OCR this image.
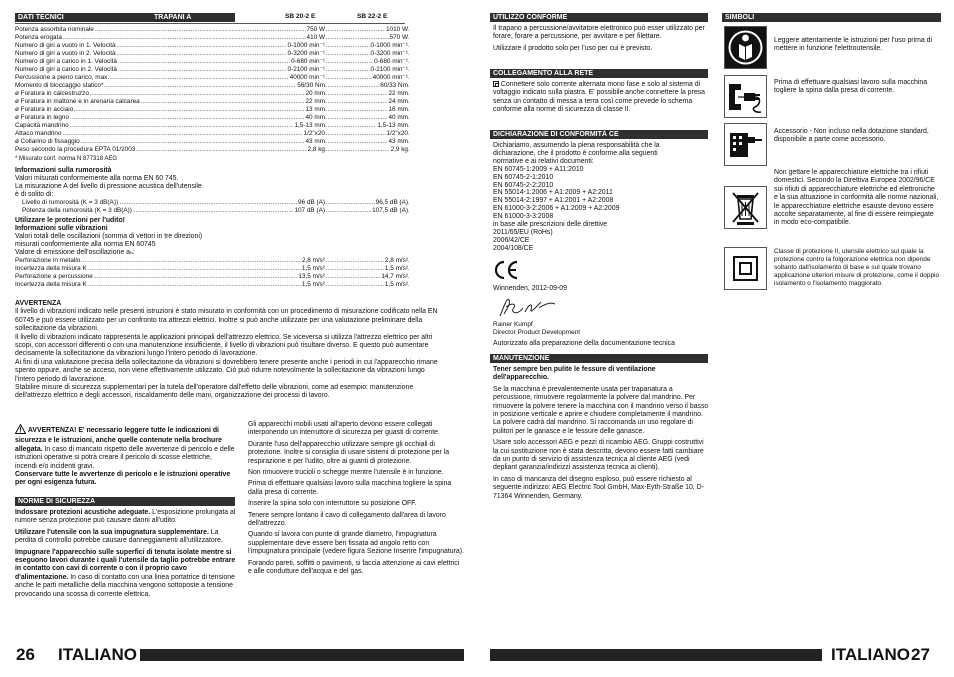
DATI TECNICI	TRAPANI A PERCUSSIONE
SB 20-2 E	SB 22-2 E
.....
Potenza assorbita nominale	750 W	1010 W
.....
Potenza erogata	410 W	570 W
.....
Numero di giri a vuoto in 1. Velocità	0-1000 min⁻¹	0-1000 min⁻¹
.....
Numero di giri a vuoto in 2. Velocità	0-3200 min⁻¹	0-3200 min⁻¹
.....
Numero di giri a carico in 1. Velocità	0-680 min⁻¹	0-680 min⁻¹
.....
Numero di giri a carico in 2. Velocità	0-2100 min⁻¹	0-2100 min⁻¹
.....
Percussione a pieno carico, max.	40000 min⁻¹	40000 min⁻¹
.....
Momento di bloccaggio statico*	56/30 Nm	60/33 Nm
.....
ø Foratura in calcestruzzo	20 mm	22 mm
.....
ø Foratura in mattone e in arenaria calcarea	22 mm	24 mm
.....
ø Foratura in acciaio	13 mm	16 mm
.....
ø Foratura in legno	40 mm	40 mm
.....
Capacità mandrino	1,5-13 mm	1,5-13 mm
.....
Attaco mandrino	1/2"x20	1/2"x20
.....
ø Collarino di fissaggio	43 mm	43 mm
.....
Peso secondo la procedura EPTA 01/2003.	2,8 kg	2,9 kg
* Misurato conf. norma N 877318 AEG
Informazioni sulla rumorosità
Valori misurati conformemente alla norma EN 60 745.
La misurazione A del livello di pressione acustica dell'utensile
è di solito di:
.....
Livello di rumorosità (K = 3 dB(A))	96 dB (A)	96,5 dB (A)
.....
Potenza della rumorosità (K = 3 dB(A))	107 dB (A)	107,5 dB (A)
Utilizzare le protezioni per l'udito!
Informazioni sulle vibrazioni
Valori totali delle oscillazioni (somma di vettori in tre direzioni)
misurati conformemente alla norma EN 60745
Valore di emissione dell'oscillazione aₕ:
.....
Perforazione in metallo	2,8 m/s²	2,8 m/s²
.....
Incertezza della misura K	1,5 m/s²	1,5 m/s²
.....
Perforazione a percussione	13,5 m/s²	14,7 m/s²
.....
Incertezza della misura K	1,5 m/s²	1,5 m/s²
AVVERTENZA
Il livello di vibrazioni indicato nelle presenti istruzioni è stato misurato in conformità con un procedimento di misurazione codificato nella EN 60745 e può essere utilizzato per un confronto tra attrezzi elettrici. Inoltre si può anche utilizzare per una valutazione preliminare della sollecitazione da vibrazioni.
Il livello di vibrazioni indicato rappresenta le applicazioni principali dell'attrezzo elettrico. Se viceversa si utilizza l'attrezzo elettrico per altri scopi, con accessori differenti o con una manutenzione insufficiente, il livello di vibrazioni può risultare diverso. E questo può aumentare decisamente la sollecitazione da vibrazioni lungo l'intero periodo di lavorazione.
Ai fini di una valutazione precisa della sollecitazione da vibrazioni si dovrebbero tenere presente anche i periodi in cui l'apparecchio rimane spento oppure, anche se acceso, non viene effettivamente utilizzato. Ciò può ridurre notevolmente la sollecitazione da vibrazioni lungo l'intero periodo di lavorazione.
Stabilire misure di sicurezza supplementari per la tutela dell'operatore dall'effetto delle vibrazioni, come ad esempio: manutenzione dell'attrezzo elettrico e degli accessori, riscaldamento delle mani, organizzazione dei processi di lavoro.
AVVERTENZA! E' necessario leggere tutte le indicazioni di sicurezza e le istruzioni, anche quelle contenute nella brochure allegata. In caso di mancato rispetto delle avvertenze di pericolo e delle istruzioni operative si potrà creare il pericolo di scosse elettriche, incendi e/o incidenti gravi.
Conservare tutte le avvertenze di pericolo e le istruzioni operative per ogni esigenza futura.
NORME DI SICUREZZA

Indossare protezioni acustiche adeguate. L'esposizione prolungata al rumore senza protezione può causare danni all'udito.

Utilizzare l'utensile con la sua impugnatura supplementare. La perdita di controllo potrebbe causare danneggiamenti all'utilizzatore.

Impugnare l'apparecchio sulle superfici di tenuta isolate mentre si eseguono lavori durante i quali l'utensile da taglio potrebbe entrare in contatto con cavi di corrente o con il proprio cavo d'alimentazione. In caso di contatto con una linea portatrice di tensione anche le parti metalliche della macchina vengono sottoposte a tensione provocando una scossa di corrente elettrica.

Gli apparecchi mobili usati all'aperto devono essere collegati interponendo un interruttore di sicurezza per guasti di corrente.

Durante l'uso dell'apparecchio utilizzare sempre gli occhiali di protezione. Inoltre si consiglia di usare sistemi di protezione per la respirazione e per l'udito, oltre ai guanti di protezione.

Non rimuovere trucioli o schegge mentre l'utensile è in funzione.

Prima di effettuare qualsiasi lavoro sulla macchina togliere la spina dalla presa di corrente.

Inserire la spina solo con interruttore su posizione OFF.

Tenere sempre lontano il cavo di collegamento dall'area di lavoro dell'attrezzo.

Quando si lavora con punte di grande diametro, l'impugnatura supplementare deve essere ben fissata ad angolo retto con l'impugnatura principale (vedere figura Sezione Inserire l'impugnatura).

Forando pareti, soffitti o pavimenti, si faccia attenzione ai cavi elettrici e alle condutture dell'acqua e del gas.

26 ITALIANO
UTILIZZO CONFORME

Il trapano a percussione/avvitatore elettronico può esser utilizzato per forare, forare a percussione, per avvitare e per filettare.

Utilizzare il prodotto solo per l'uso per cui è previsto.

COLLEGAMENTO ALLA RETE
Connettere solo corrente alternata mono fase e solo al sistema di voltaggio indicato sulla piastra. E' possibile anche connettere la presa senza un contatto di messa a terra così come prevede lo schema conforme alla norme di sicurezza di classe II.
DICHIARAZIONE DI CONFORMITÀ CE
Dichiariamo, assumendo la piena responsabilità che la
dichiarazione, che il prodotto è conforme alla seguenti
normative e ai relativi documenti:
EN 60745-1:2009 + A11:2010
EN 60745-2-1:2010
EN 60745-2-2:2010
EN 55014-1:2006 + A1:2009 + A2:2011
EN 55014-2:1997 + A1:2001 + A2:2008
EN 61000-3-2:2006 + A1:2009 + A2:2009
EN 61000-3-3:2008
in base alle prescrizioni delle direttive
2011/65/EU (RoHs)
2006/42/CE
2004/108/CE
Winnenden, 2012-09-09
Rainer Kumpf
Director Product Development
Autorizzato alla preparazione della documentazione tecnica
MANUTENZIONE

Tener sempre ben pulite le fessure di ventilazione dell'apparecchio.

Se la macchina è prevalentemente usata per trapanatura a percussione, rimuovere regolarmente la polvere dal mandrino. Per rimuovere la polvere tenere la macchina con il mandrino verso il basso in posizione verticale e aprire e chiudere completamente il mandrino. La polvere cadrà dal mandrino. Si raccomanda un uso regolare di pulitori per le ganasce e le fessure delle ganasce.

Usare solo accessori AEG e pezzi di ricambio AEG. Gruppi costruttivi la cui sostituzione non è stata descritta, devono essere fatti cambiare da un punto di servizio di assistenza tecnica al cliente AEG (vedi depliant garanzia/indirizzi assistenza tecnica ai clienti).

In caso di mancanza del disegno esploso, può essere richiesto al seguente indirizzo: AEG Electric Tool GmbH, Max-Eyth-Straße 10, D-71364 Winnenden, Germany.

SIMBOLI
Leggere attentamente le istruzioni per l'uso prima di mettere in funzione l'elettroutensile.
Prima di effettuare qualsiasi lavoro sulla macchina togliere la spina dalla presa di corrente.
Accessorio - Non incluso nella dotazione standard, disponibile a parte come accessorio.
Non gettare le apparecchiature elettriche tra i rifiuti domestici. Secondo la Direttiva Europea 2002/96/CE sui rifiuti di apparecchiature elettriche ed elettroniche e la sua attuazione in conformità alle norme nazionali, le apparecchiature elettriche esauste devono essere accolte separatamente, al fine di essere reimpiegate in modo eco-compatibile.
Classe di protezione II, utensile elettrico sul quale la protezione contro la folgorazione elettrica non dipende soltanto dall'isolamento di base e sul quale trovano applicazione ulteriori misure di protezione, come il doppio isolamento o l'isolamento maggiorato.
ITALIANO 27
